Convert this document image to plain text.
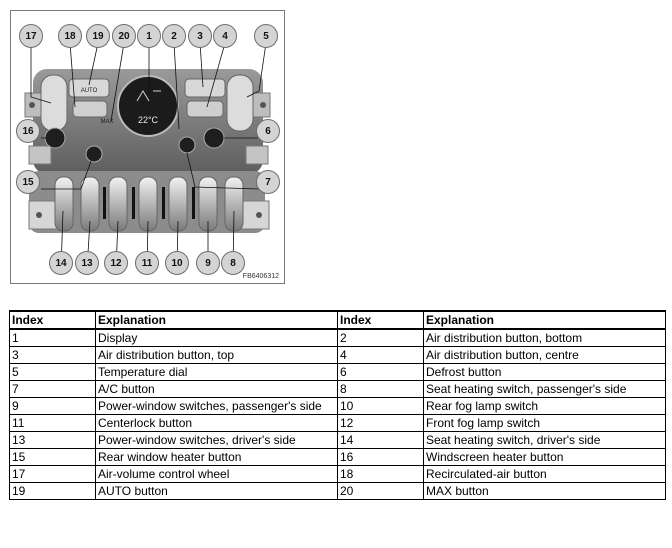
AUTO
MAX	22°C
17	18	19	20	1	2	3	4	5
16
15
6
7
14	13	12	11	10	9	8
FB6406312
Index	Explanation	Index	Explanation
1	Display	2	Air distribution button, bottom
3	Air distribution button, top	4	Air distribution button, centre
5	Temperature dial	6	Defrost button
7	A/C button	8	Seat heating switch, passenger's side
9	Power-window switches, passenger's side	10	Rear fog lamp switch
11	Centerlock button	12	Front fog lamp switch
13	Power-window switches, driver's side	14	Seat heating switch, driver's side
15	Rear window heater button	16	Windscreen heater button
17	Air-volume control wheel	18	Recirculated-air button
19	AUTO button	20	MAX button
